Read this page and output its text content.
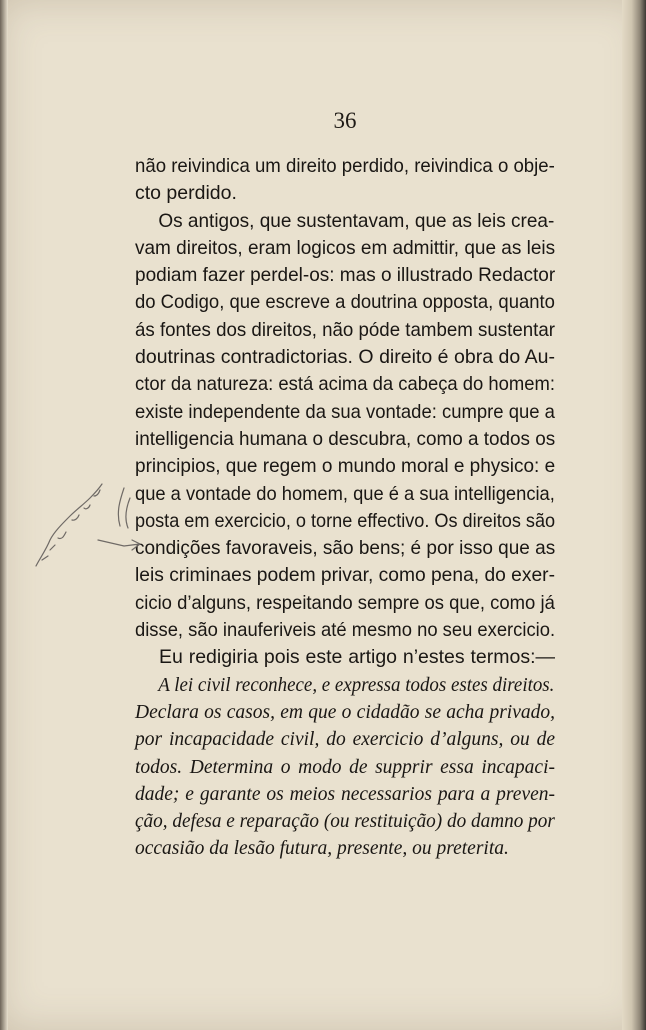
36
não reivindica um direito perdido, reivindica o obje-
cto perdido.
Os antigos, que sustentavam, que as leis crea-
vam direitos, eram logicos em admittir, que as leis
podiam fazer perdel-os: mas o illustrado Redactor
do Codigo, que escreve a doutrina opposta, quanto
ás fontes dos direitos, não póde tambem sustentar
doutrinas contradictorias. O direito é obra do Au-
ctor da natureza: está acima da cabeça do homem:
existe independente da sua vontade: cumpre que a
intelligencia humana o descubra, como a todos os
principios, que regem o mundo moral e physico: e
que a vontade do homem, que é a sua intelligencia,
posta em exercicio, o torne effectivo. Os direitos são
condições favoraveis, são bens; é por isso que as
leis criminaes podem privar, como pena, do exer-
cicio d’alguns, respeitando sempre os que, como já
disse, são inauferiveis até mesmo no seu exercicio.
Eu redigiria pois este artigo n’estes termos:—
A lei civil reconhece, e expressa todos estes direitos.
Declara os casos, em que o cidadão se acha privado,
por incapacidade civil, do exercicio d’alguns, ou de
todos. Determina o modo de supprir essa incapaci-
dade; e garante os meios necessarios para a preven-
ção, defesa e reparação (ou restituição) do damno por
occasião da lesão futura, presente, ou preterita.
